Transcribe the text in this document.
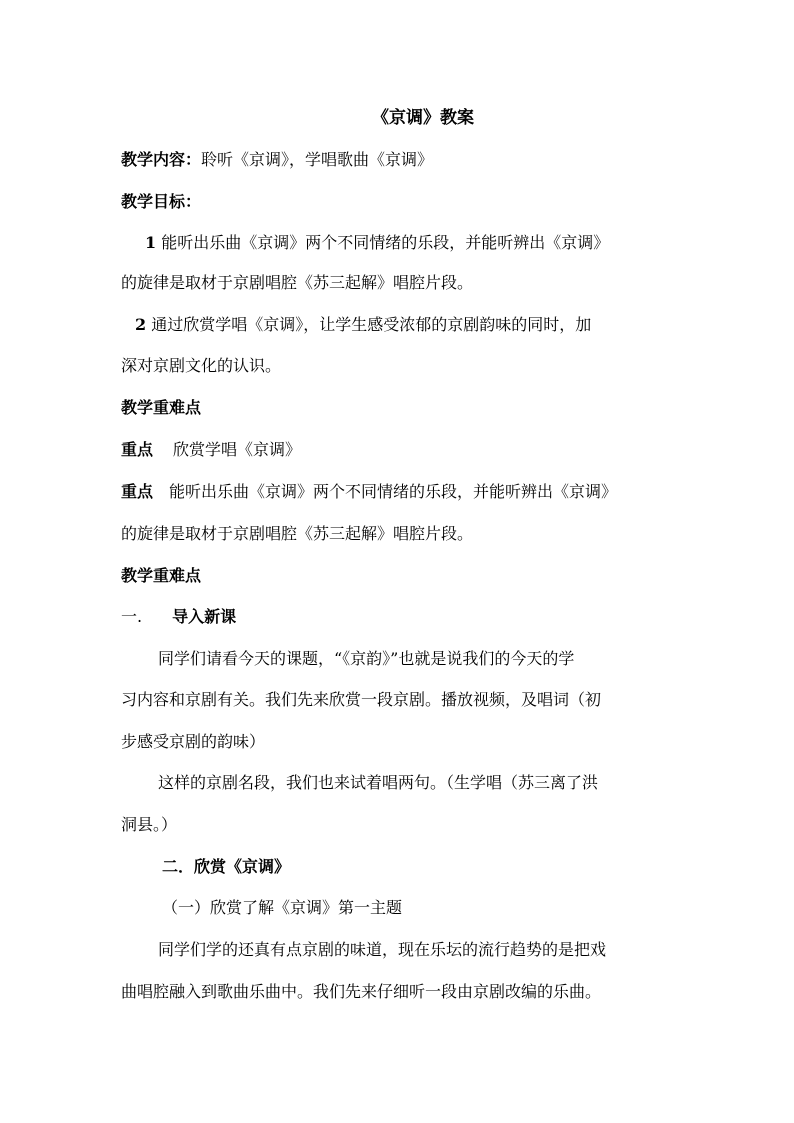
《京调》教案
教学内容：聆听《京调》，学唱歌曲《京调》
教学目标：
1 能听出乐曲《京调》两个不同情绪的乐段，并能听辨出《京调》
的旋律是取材于京剧唱腔《苏三起解》唱腔片段。
2 通过欣赏学唱《京调》，让学生感受浓郁的京剧韵味的同时，加
深对京剧文化的认识。
教学重难点
重点 欣赏学唱《京调》
重点 能听出乐曲《京调》两个不同情绪的乐段，并能听辨出《京调》
的旋律是取材于京剧唱腔《苏三起解》唱腔片段。
教学重难点
一. 导入新课
同学们请看今天的课题，“《京韵》”也就是说我们的今天的学
习内容和京剧有关。我们先来欣赏一段京剧。播放视频，及唱词（初
步感受京剧的韵味）
这样的京剧名段，我们也来试着唱两句。（生学唱（苏三离了洪
洞县。）
二．欣赏《京调》
（一）欣赏了解《京调》第一主题
同学们学的还真有点京剧的味道，现在乐坛的流行趋势的是把戏
曲唱腔融入到歌曲乐曲中。我们先来仔细听一段由京剧改编的乐曲。
